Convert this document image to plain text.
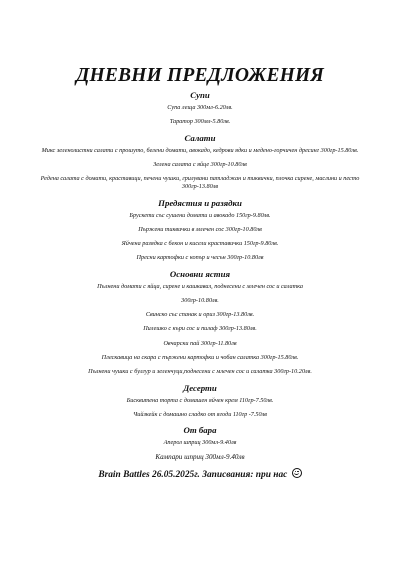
ДНЕВНИ ПРЕДЛОЖЕНИЯ
Супи
Супа леща 300мл-6.20лв.
Таратор 300мл-5.80лв.
Салати
Микс зеленолистни салати с прошуто, белени домати, авокадо, кедрови ядки и медено-горчичен дресинг 300гр-15.80лв.
Зелена салата с яйце 300гр-10.80лв
Редена салата с домати, краставици, печени чушки, грилувани патладжан и тиквички, плочка сирене, маслини и песто 300гр-13.80лв
Предястия и разядки
Брускети със сушени домати и авокадо 150гр-9.80лв.
Пържени тиквички в млечен сос 300гр-10.80лв
Яйчена разядка с бекон и кисели краставички 150гр-9.80лв.
Пресни картофки с копър и чесън 300гр-10.80лв
Основни ястия
Пълнени домати с яйца, сирене и кашкавал, поднесени с млечен сос и салатка
300гр-10.80лв.
Свинско със спанак и ориз 300гр-13.80лв.
Пилешко с къри сос и пилаф 300гр-13.80лв.
Овчарски пай 300гр-11.80лв
Плескавица на скара с пържени картофки и чобан салатка 300гр-15.80лв.
Пълнени чушки с булгур и зеленчуци,поднесени с млечен сос и салатка 300гр-10.20лв.
Десерти
Бисквитена торта с домашен яйчен крем 110гр-7.50лв.
Чийзкейк с домашно сладко от ягоди 110гр -7.50лв
От бара
Аперол шприц 300мл-9.40лв
Кампари шприц 300мл-9.40лв
Brain Battles 26.05.2025г. Записвания: при нас
